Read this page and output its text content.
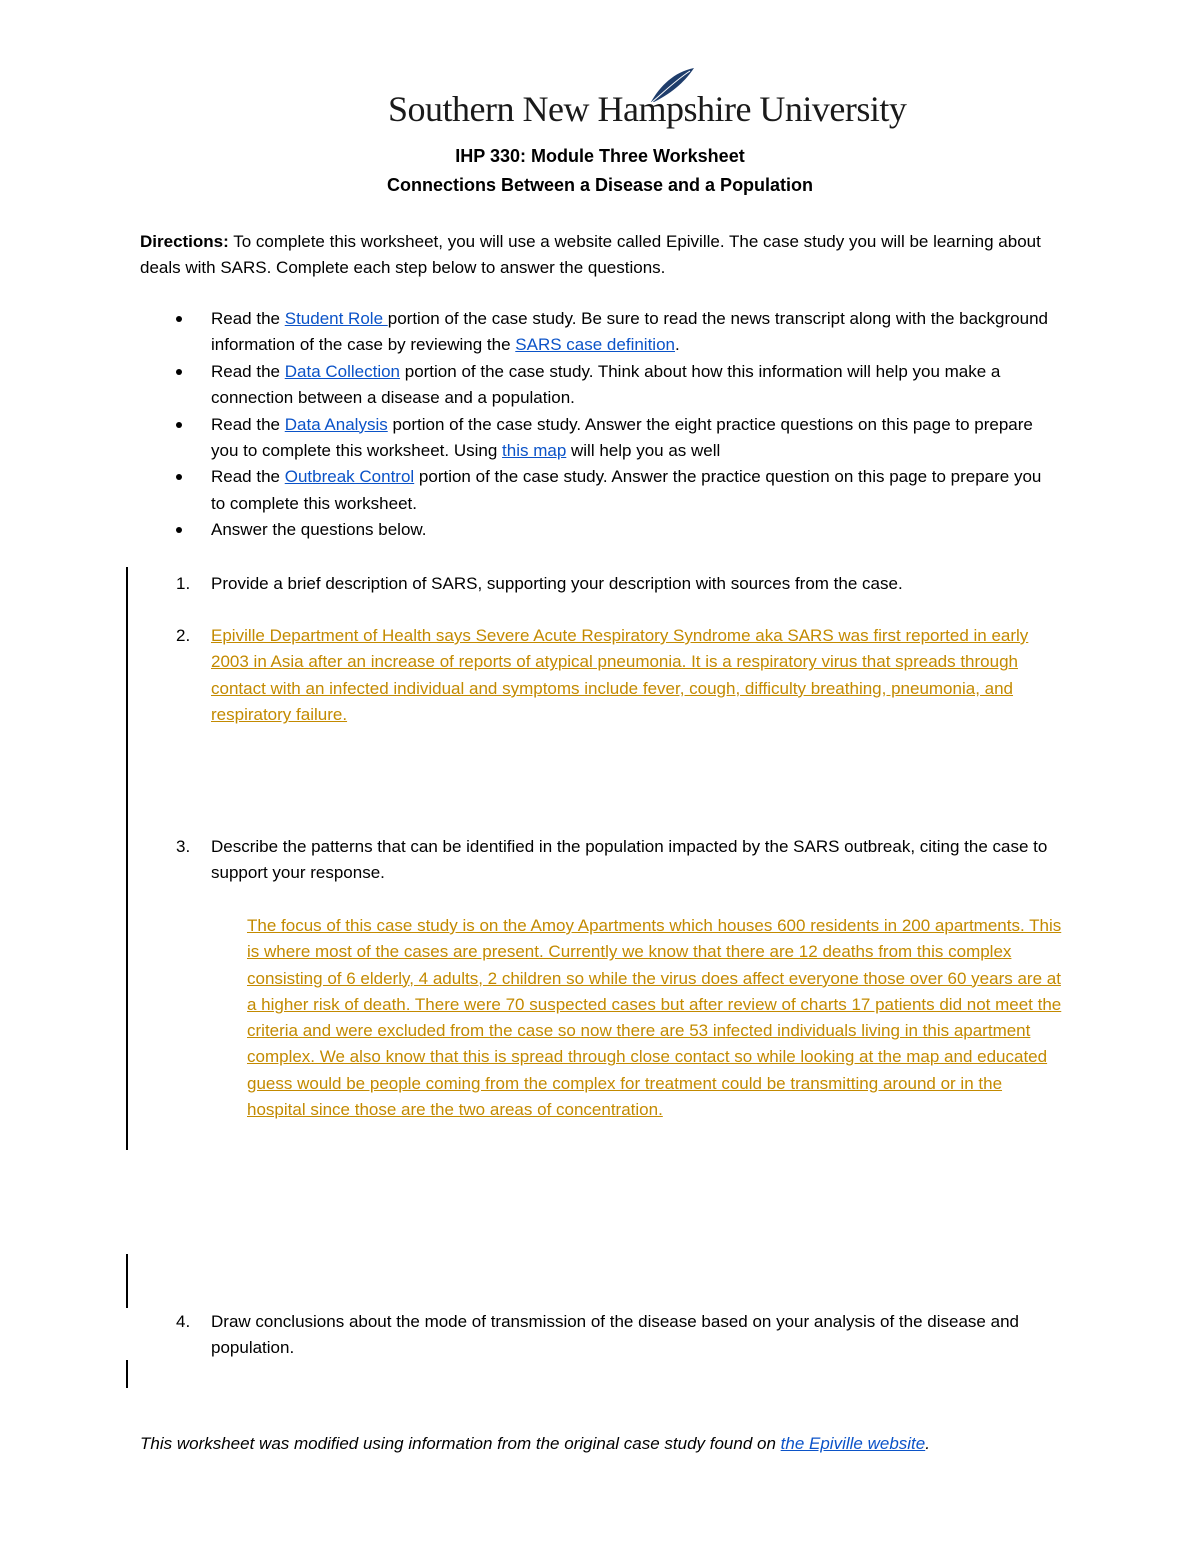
Southern New Hampshire University
IHP 330: Module Three Worksheet
Connections Between a Disease and a Population
Directions: To complete this worksheet, you will use a website called Epiville. The case study you will be learning about deals with SARS. Complete each step below to answer the questions.
Read the Student Role portion of the case study. Be sure to read the news transcript along with the background information of the case by reviewing the SARS case definition.
Read the Data Collection portion of the case study. Think about how this information will help you make a connection between a disease and a population.
Read the Data Analysis portion of the case study. Answer the eight practice questions on this page to prepare you to complete this worksheet. Using this map will help you as well
Read the Outbreak Control portion of the case study. Answer the practice question on this page to prepare you to complete this worksheet.
Answer the questions below.
1. Provide a brief description of SARS, supporting your description with sources from the case.
2. Epiville Department of Health says Severe Acute Respiratory Syndrome aka SARS was first reported in early 2003 in Asia after an increase of reports of atypical pneumonia. It is a respiratory virus that spreads through contact with an infected individual and symptoms include fever, cough, difficulty breathing, pneumonia, and respiratory failure.
3. Describe the patterns that can be identified in the population impacted by the SARS outbreak, citing the case to support your response.
The focus of this case study is on the Amoy Apartments which houses 600 residents in 200 apartments. This is where most of the cases are present. Currently we know that there are 12 deaths from this complex consisting of 6 elderly, 4 adults, 2 children so while the virus does affect everyone those over 60 years are at a higher risk of death. There were 70 suspected cases but after review of charts 17 patients did not meet the criteria and were excluded from the case so now there are 53 infected individuals living in this apartment complex. We also know that this is spread through close contact so while looking at the map and educated guess would be people coming from the complex for treatment could be transmitting around or in the hospital since those are the two areas of concentration.
4. Draw conclusions about the mode of transmission of the disease based on your analysis of the disease and population.
This worksheet was modified using information from the original case study found on the Epiville website.
